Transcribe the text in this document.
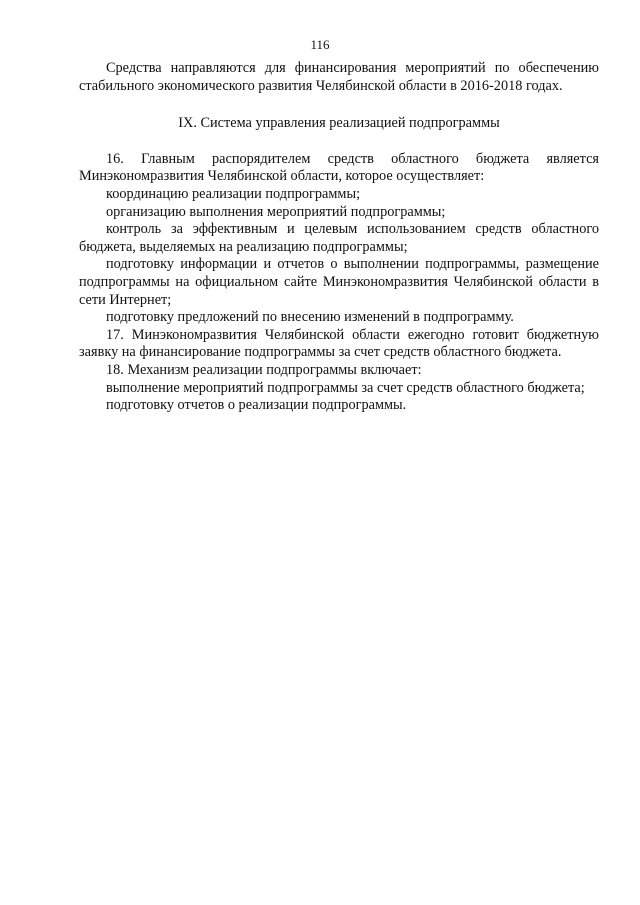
116

Средства направляются для финансирования мероприятий по обеспечению стабильного экономического развития Челябинской области в 2016-2018 годах.

IX. Система управления реализацией подпрограммы

16. Главным распорядителем средств областного бюджета является Минэкономразвития Челябинской области, которое осуществляет:

координацию реализации подпрограммы;

организацию выполнения мероприятий подпрограммы;

контроль за эффективным и целевым использованием средств областного бюджета, выделяемых на реализацию подпрограммы;

подготовку информации и отчетов о выполнении подпрограммы, размещение подпрограммы на официальном сайте Минэкономразвития Челябинской области в сети Интернет;

подготовку предложений по внесению изменений в подпрограмму.

17. Минэкономразвития Челябинской области ежегодно готовит бюджетную заявку на финансирование подпрограммы за счет средств областного бюджета.

18. Механизм реализации подпрограммы включает:

выполнение мероприятий подпрограммы за счет средств областного бюджета;

подготовку отчетов о реализации подпрограммы.
